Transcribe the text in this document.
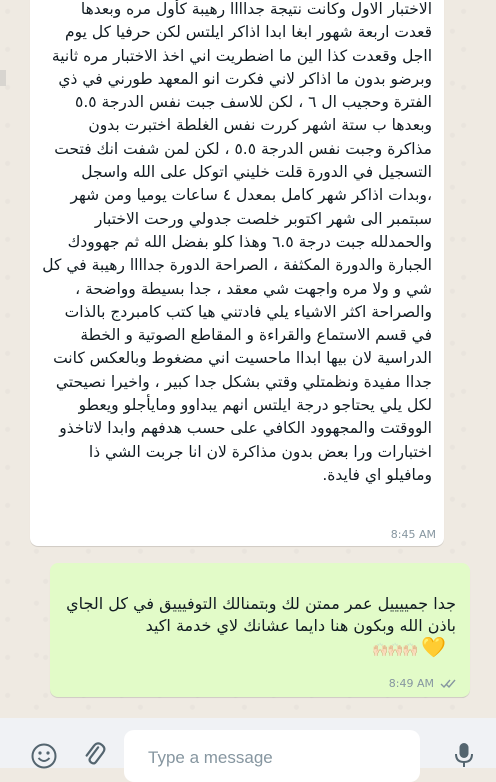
الاختبار الاول وكانت نتيجة جداااا رهيبة كأول مره وبعدها قعدت اربعة شهور ابغا ابدا اذاكر ايلتس لكن حرفيا كل يوم ااجل وقعدت كذا الين ما اضطريت اني اخذ الاختبار مره ثانية وبرضو بدون ما اذاكر لاني فكرت انو المعهد طورني في ذي الفترة وحجيب ال ٦ ، لكن للاسف جبت نفس الدرجة ٥.٥ وبعدها ب ستة اشهر كررت نفس الغلطة اختبرت بدون مذاكرة وجبت نفس الدرجة ٥.٥ ، لكن لمن شفت انك فتحت التسجيل في الدورة قلت خليني اتوكل على الله واسجل ،وبدات اذاكر شهر كامل بمعدل ٤ ساعات يوميا ومن شهر سبتمبر الى شهر اكتوبر خلصت جدولي ورحت الاختبار والحمدلله جبت درجة ٦.٥ وهذا كلو بفضل الله ثم جهوودك الجبارة والدورة المكثفة ، الصراحة الدورة جداااا رهيبة في كل شي و ولا مره واجهت شي معقد ، جدا بسيطة وواضحة ، والصراحة اكثر الاشياء يلي فادتني هيا كتب كامبردج بالذات في قسم الاستماع والقراءة و المقاطع الصوتية و الخطة الدراسية لان بيها ابداا ماحسيت اني مضغوط وبالعكس كانت جداا مفيدة ونظمتلي وقتي بشكل جدا كبير ، واخيرا نصيحتي لكل يلي يحتاجو درجة ايلتس انهم يبداوو ومايأجلو ويعطو الووقتت والمجهوود الكافي على حسب هدفهم وابدا لاتاخذو اختبارات ورا بعض بدون مذاكرة لان انا جربت الشي ذا ومافيلو اي فايدة.

8:45 AM

جدا جمييييل عمر ممتن لك وبتمنالك التوفيييق في كل الجاي باذن الله وبكون هنا دايما عشانك لاي خدمة اكيد

🙌🏻🙌🏻🙌🏻 💛
8:49 AM
Type a message
